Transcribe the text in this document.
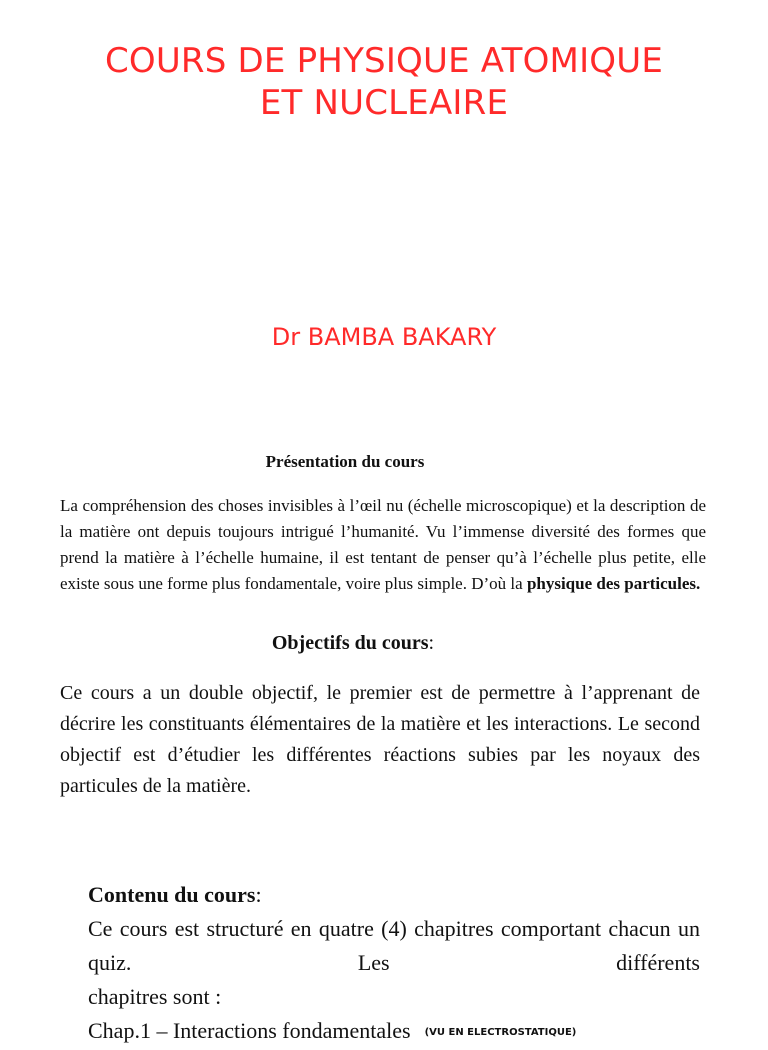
COURS DE PHYSIQUE ATOMIQUE
ET NUCLEAIRE
Dr BAMBA BAKARY
Présentation du cours
La compréhension des choses invisibles à l’œil nu (échelle microscopique) et la description de la matière ont depuis toujours intrigué l’humanité. Vu l’immense diversité des formes que prend la matière à l’échelle humaine, il est tentant de penser qu’à l’échelle plus petite, elle existe sous une forme plus fondamentale, voire plus simple. D’où la physique des particules.
Objectifs du cours:
Ce cours a un double objectif, le premier est de permettre à l’apprenant de décrire les constituants élémentaires de la matière et les interactions. Le second objectif est d’étudier les différentes réactions subies par les noyaux des particules de la matière.
Contenu du cours:
Ce cours est structuré en quatre (4) chapitres comportant chacun un quiz. Les différents
chapitres sont :
Chap.1 – Interactions fondamentales (VU EN ELECTROSTATIQUE)
